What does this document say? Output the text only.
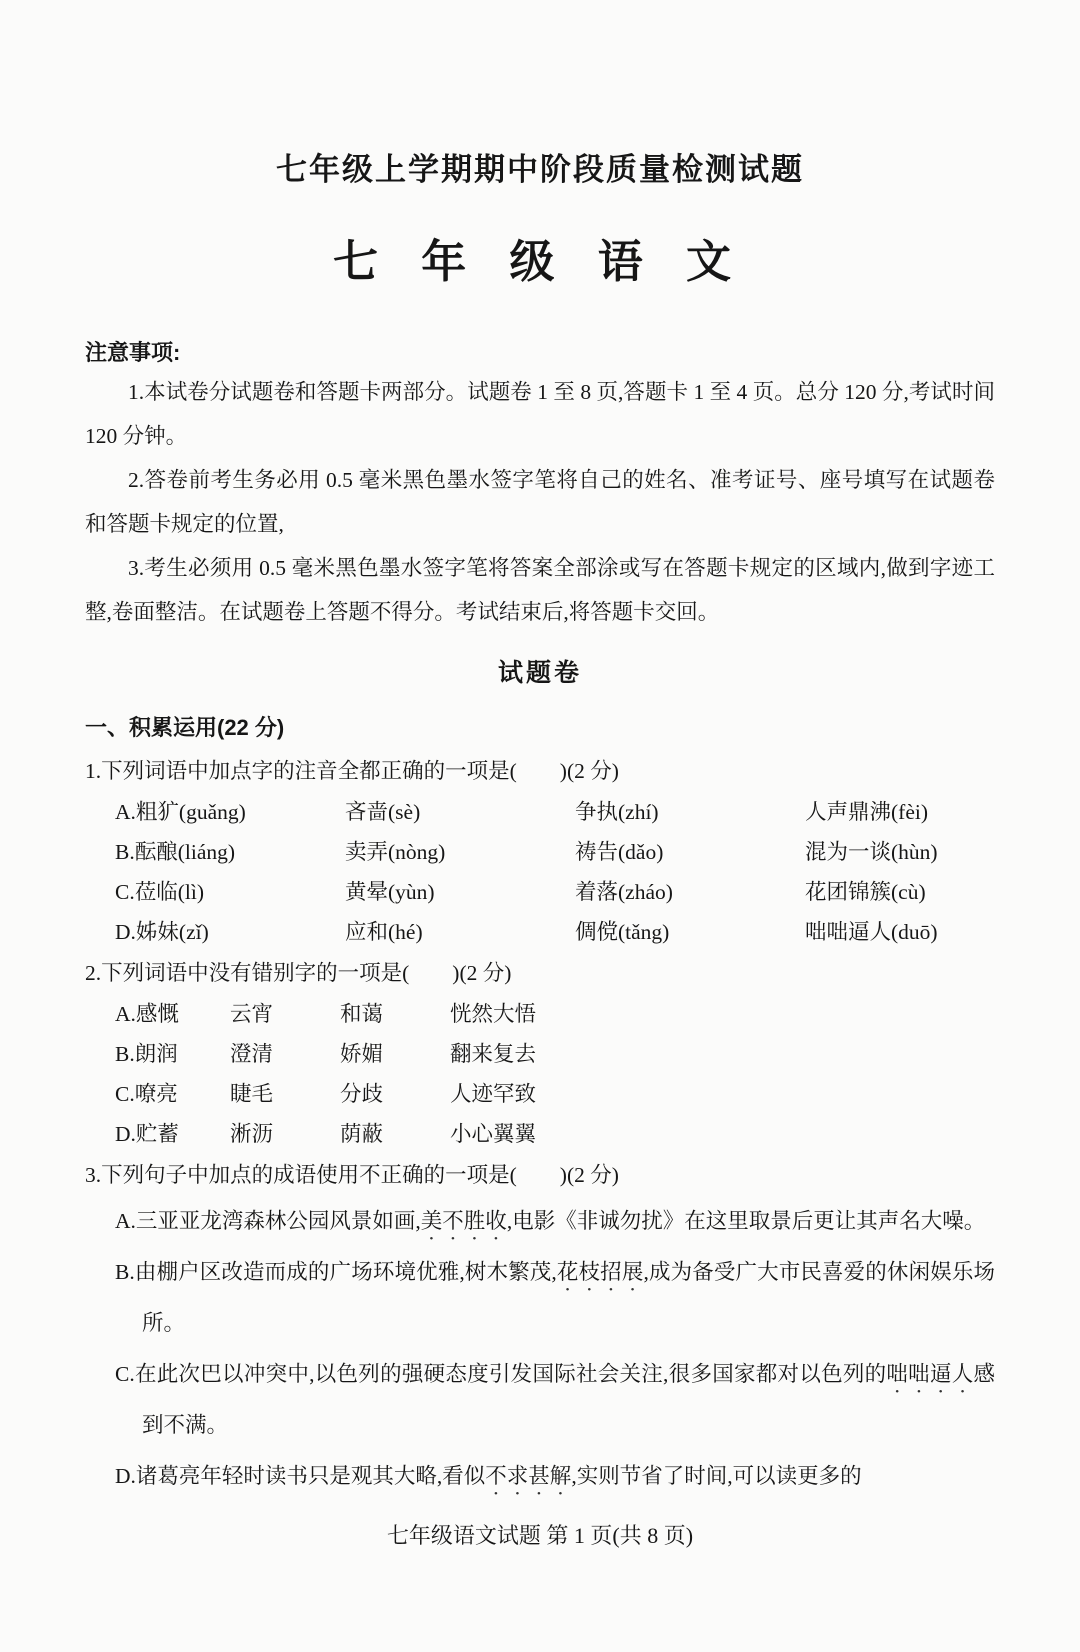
七年级上学期期中阶段质量检测试题
七 年 级 语 文
注意事项:

1.本试卷分试题卷和答题卡两部分。试题卷 1 至 8 页,答题卡 1 至 4 页。总分 120 分,考试时间 120 分钟。

2.答卷前考生务必用 0.5 毫米黑色墨水签字笔将自己的姓名、准考证号、座号填写在试题卷和答题卡规定的位置,

3.考生必须用 0.5 毫米黑色墨水签字笔将答案全部涂或写在答题卡规定的区域内,做到字迹工整,卷面整洁。在试题卷上答题不得分。考试结束后,将答题卡交回。

试题卷
一、积累运用(22 分)

1.下列词语中加点字的注音全都正确的一项是(　　)(2 分)

A.粗犷(guǎng)	吝啬(sè)	争执(zhí)	人声鼎沸(fèi)
B.酝酿(liáng)	卖弄(nòng)	祷告(dǎo)	混为一谈(hùn)
C.莅临(lì)	黄晕(yùn)	着落(zháo)	花团锦簇(cù)
D.姊妹(zǐ)	应和(hé)	倜傥(tǎng)	咄咄逼人(duō)

2.下列词语中没有错别字的一项是(　　)(2 分)

A.感慨	云宵	和蔼	恍然大悟
B.朗润	澄清	娇媚	翻来复去
C.嘹亮	睫毛	分歧	人迹罕致
D.贮蓄	淅沥	荫蔽	小心翼翼

3.下列句子中加点的成语使用不正确的一项是(　　)(2 分)

A.三亚亚龙湾森林公园风景如画,美不胜收,电影《非诚勿扰》在这里取景后更让其声名大噪。

B.由棚户区改造而成的广场环境优雅,树木繁茂,花枝招展,成为备受广大市民喜爱的休闲娱乐场所。

C.在此次巴以冲突中,以色列的强硬态度引发国际社会关注,很多国家都对以色列的咄咄逼人感到不满。

D.诸葛亮年轻时读书只是观其大略,看似不求甚解,实则节省了时间,可以读更多的

七年级语文试题 第 1 页(共 8 页)
